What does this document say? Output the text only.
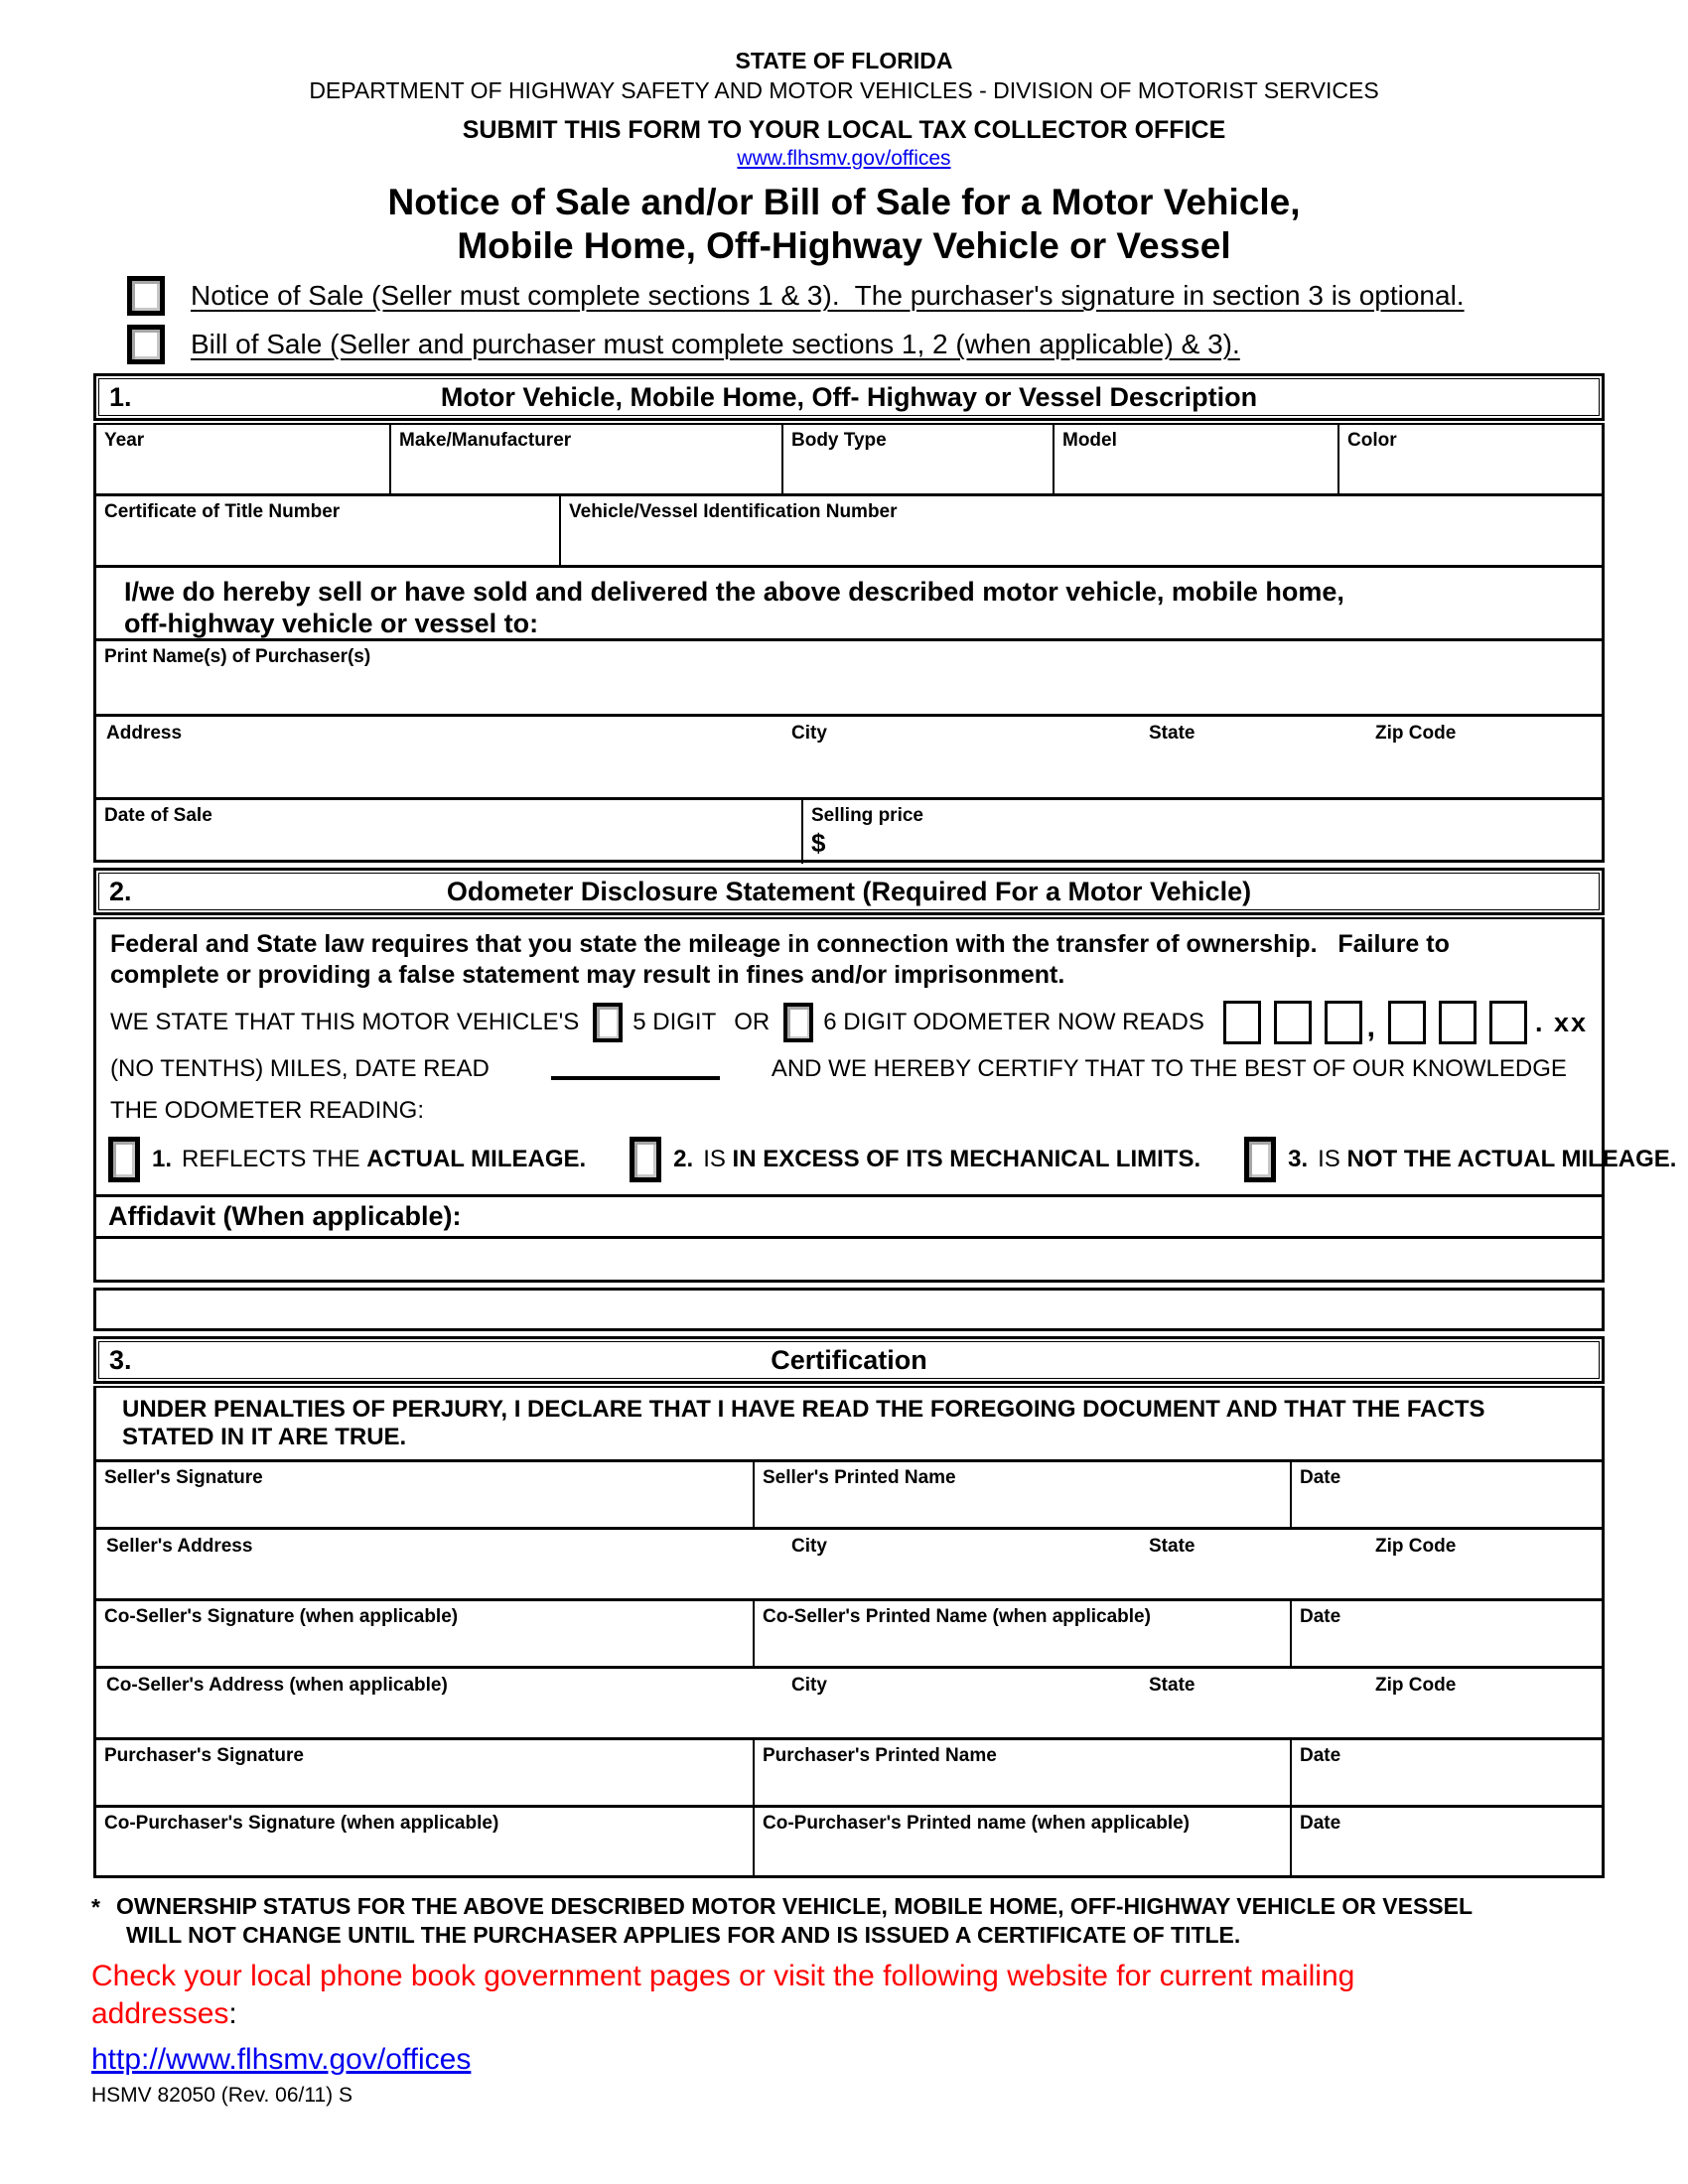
STATE OF FLORIDA
DEPARTMENT OF HIGHWAY SAFETY AND MOTOR VEHICLES - DIVISION OF MOTORIST SERVICES
SUBMIT THIS FORM TO YOUR LOCAL TAX COLLECTOR OFFICE
www.flhsmv.gov/offices
Notice of Sale and/or Bill of Sale for a Motor Vehicle,
Mobile Home, Off-Highway Vehicle or Vessel
Notice of Sale (Seller must complete sections 1 & 3).  The purchaser's signature in section 3 is optional.
Bill of Sale (Seller and purchaser must complete sections 1, 2 (when applicable) & 3).
Motor Vehicle, Mobile Home, Off- Highway or Vessel Description
1.
Year	Make/Manufacturer	Body Type	Model	Color
Certificate of Title Number	Vehicle/Vessel Identification Number
I/we do hereby sell or have sold and delivered the above described motor vehicle, mobile home,
off-highway vehicle or vessel to:
Print Name(s) of Purchaser(s)
Address	City	State	Zip Code
Date of Sale	Selling price
$
Odometer Disclosure Statement (Required For a Motor Vehicle)
2.
Federal and State law requires that you state the mileage in connection with the transfer of ownership.   Failure to
complete or providing a false statement may result in fines and/or imprisonment.
WE STATE THAT THIS MOTOR VEHICLE'S 5 DIGIT OR 6 DIGIT ODOMETER NOW READS	,	. xx
(NO TENTHS) MILES, DATE READ	AND WE HEREBY CERTIFY THAT TO THE BEST OF OUR KNOWLEDGE
THE ODOMETER READING:
1. REFLECTS THE ACTUAL MILEAGE.	2. IS IN EXCESS OF ITS MECHANICAL LIMITS.	3. IS NOT THE ACTUAL MILEAGE.
Affidavit (When applicable):
Certification
3.
UNDER PENALTIES OF PERJURY, I DECLARE THAT I HAVE READ THE FOREGOING DOCUMENT AND THAT THE FACTS
STATED IN IT ARE TRUE.
Seller's Signature	Seller's Printed Name	Date
Seller's Address	City	State	Zip Code
Co-Seller's Signature (when applicable)	Co-Seller's Printed Name (when applicable)	Date
Co-Seller's Address (when applicable)	City	State	Zip Code
Purchaser's Signature	Purchaser's Printed Name	Date
Co-Purchaser's Signature (when applicable)	Co-Purchaser's Printed name (when applicable)	Date
* OWNERSHIP STATUS FOR THE ABOVE DESCRIBED MOTOR VEHICLE, MOBILE HOME, OFF-HIGHWAY VEHICLE OR VESSEL
WILL NOT CHANGE UNTIL THE PURCHASER APPLIES FOR AND IS ISSUED A CERTIFICATE OF TITLE.
Check your local phone book government pages or visit the following website for current mailing
addresses:
http://www.flhsmv.gov/offices
HSMV 82050 (Rev. 06/11) S
